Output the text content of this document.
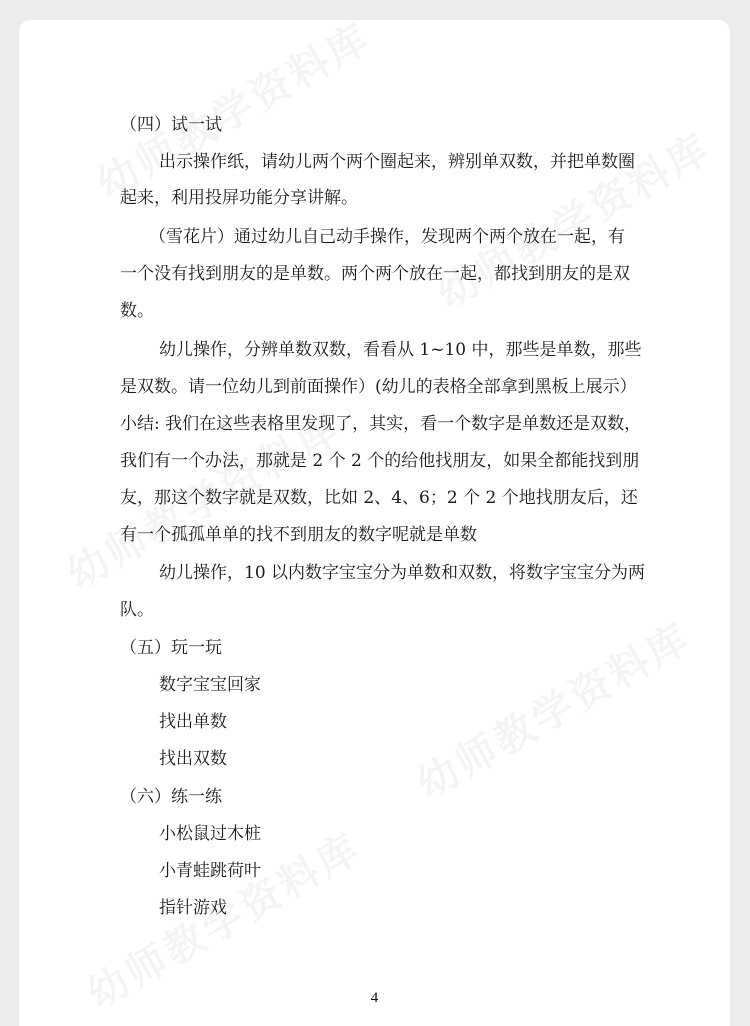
（四）试一试
出示操作纸，请幼儿两个两个圈起来，辨别单双数，并把单数圈
起来，利用投屏功能分享讲解。
（雪花片）通过幼儿自己动手操作，发现两个两个放在一起，有
一个没有找到朋友的是单数。两个两个放在一起，都找到朋友的是双
数。
幼儿操作，分辨单数双数，看看从 1~10 中，那些是单数，那些
是双数。请一位幼儿到前面操作）(幼儿的表格全部拿到黑板上展示）
小结: 我们在这些表格里发现了，其实，看一个数字是单数还是双数，
我们有一个办法，那就是 2 个 2 个的给他找朋友，如果全都能找到朋
友，那这个数字就是双数，比如 2、4、6；2 个 2 个地找朋友后，还
有一个孤孤单单的找不到朋友的数字呢就是单数
幼儿操作，10 以内数字宝宝分为单数和双数，将数字宝宝分为两
队。
（五）玩一玩
数字宝宝回家
找出单数
找出双数
（六）练一练
小松鼠过木桩
小青蛙跳荷叶
指针游戏
4
